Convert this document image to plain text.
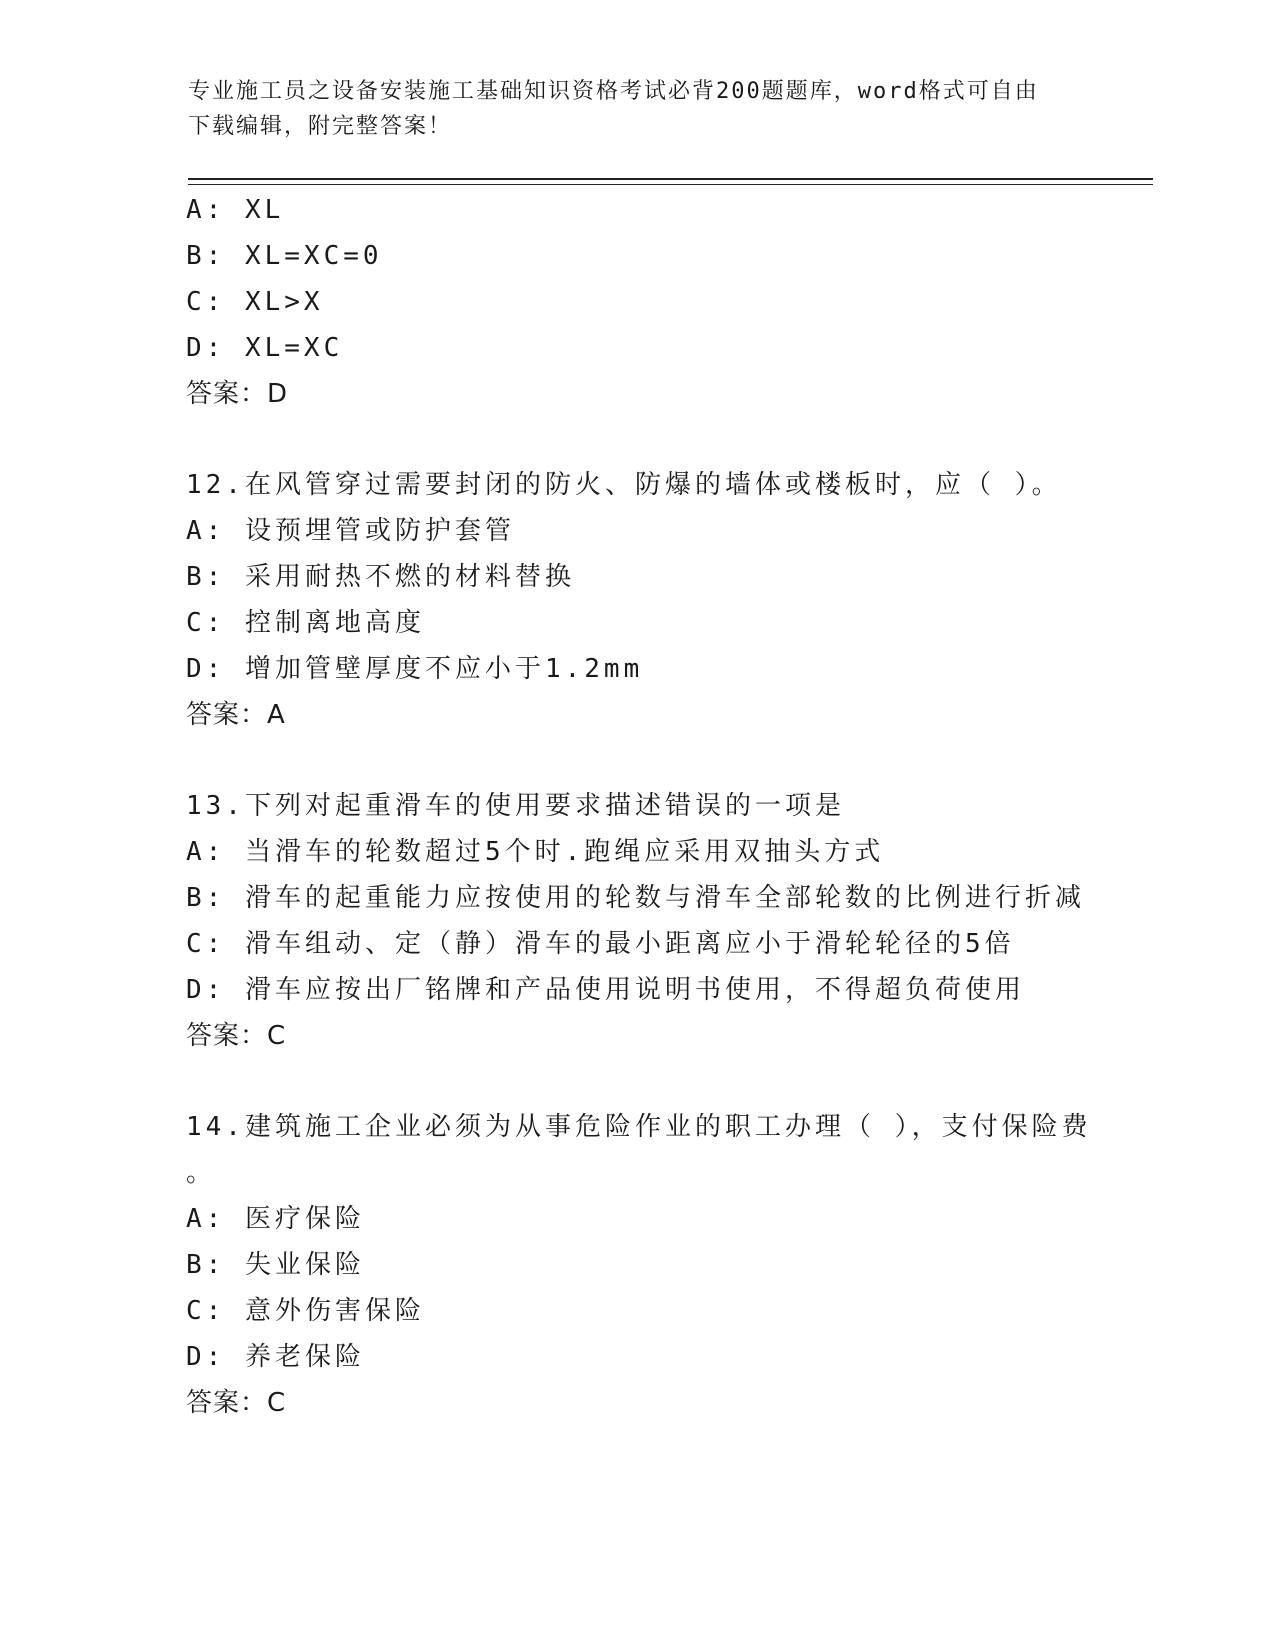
专业施工员之设备安装施工基础知识资格考试必背200题题库，word格式可自由
下载编辑，附完整答案！
A: XL
B: XL=XC=0
C: XL>X
D: XL=XC
答案：D
12.在风管穿过需要封闭的防火、防爆的墙体或楼板时，应（ ）。
A: 设预埋管或防护套管
B: 采用耐热不燃的材料替换
C: 控制离地高度
D: 增加管壁厚度不应小于1.2mm
答案：A
13.下列对起重滑车的使用要求描述错误的一项是
A: 当滑车的轮数超过5个时.跑绳应采用双抽头方式
B: 滑车的起重能力应按使用的轮数与滑车全部轮数的比例进行折减
C: 滑车组动、定（静）滑车的最小距离应小于滑轮轮径的5倍
D: 滑车应按出厂铭牌和产品使用说明书使用，不得超负荷使用
答案：C
14.建筑施工企业必须为从事危险作业的职工办理（ ），支付保险费
。
A: 医疗保险
B: 失业保险
C: 意外伤害保险
D: 养老保险
答案：C
